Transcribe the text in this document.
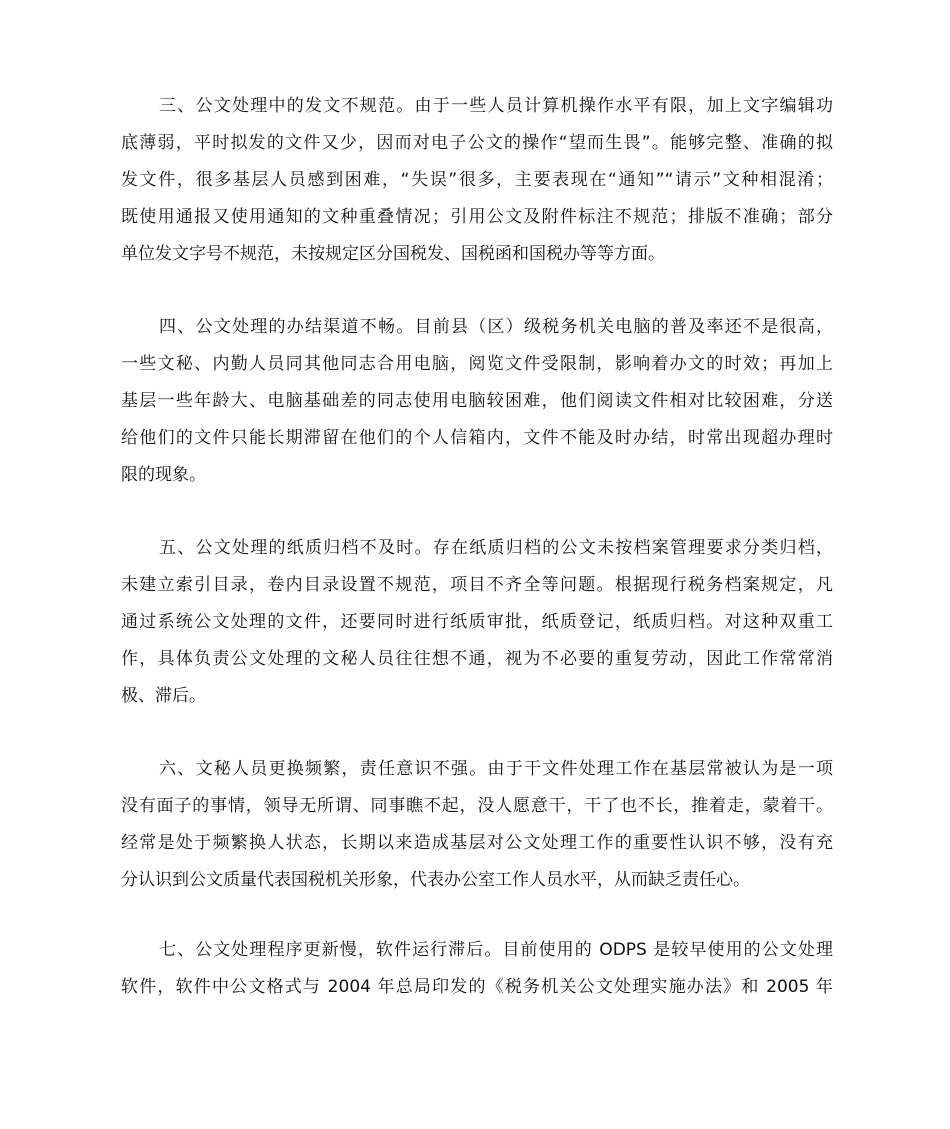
三、公文处理中的发文不规范。由于一些人员计算机操作水平有限，加上文字编辑功
底薄弱，平时拟发的文件又少，因而对电子公文的操作“望而生畏”。能够完整、准确的拟
发文件，很多基层人员感到困难，“失误”很多，主要表现在“通知”“请示”文种相混淆；
既使用通报又使用通知的文种重叠情况；引用公文及附件标注不规范；排版不准确；部分
单位发文字号不规范，未按规定区分国税发、国税函和国税办等等方面。
四、公文处理的办结渠道不畅。目前县（区）级税务机关电脑的普及率还不是很高，
一些文秘、内勤人员同其他同志合用电脑，阅览文件受限制，影响着办文的时效；再加上
基层一些年龄大、电脑基础差的同志使用电脑较困难，他们阅读文件相对比较困难，分送
给他们的文件只能长期滞留在他们的个人信箱内，文件不能及时办结，时常出现超办理时
限的现象。
五、公文处理的纸质归档不及时。存在纸质归档的公文未按档案管理要求分类归档，
未建立索引目录，卷内目录设置不规范，项目不齐全等问题。根据现行税务档案规定，凡
通过系统公文处理的文件，还要同时进行纸质审批，纸质登记，纸质归档。对这种双重工
作，具体负责公文处理的文秘人员往往想不通，视为不必要的重复劳动，因此工作常常消
极、滞后。
六、文秘人员更换频繁，责任意识不强。由于干文件处理工作在基层常被认为是一项
没有面子的事情，领导无所谓、同事瞧不起，没人愿意干，干了也不长，推着走，蒙着干。
经常是处于频繁换人状态，长期以来造成基层对公文处理工作的重要性认识不够，没有充
分认识到公文质量代表国税机关形象，代表办公室工作人员水平，从而缺乏责任心。
七、公文处理程序更新慢，软件运行滞后。目前使用的 ODPS 是较早使用的公文处理
软件，软件中公文格式与 2004 年总局印发的《税务机关公文处理实施办法》和 2005 年
